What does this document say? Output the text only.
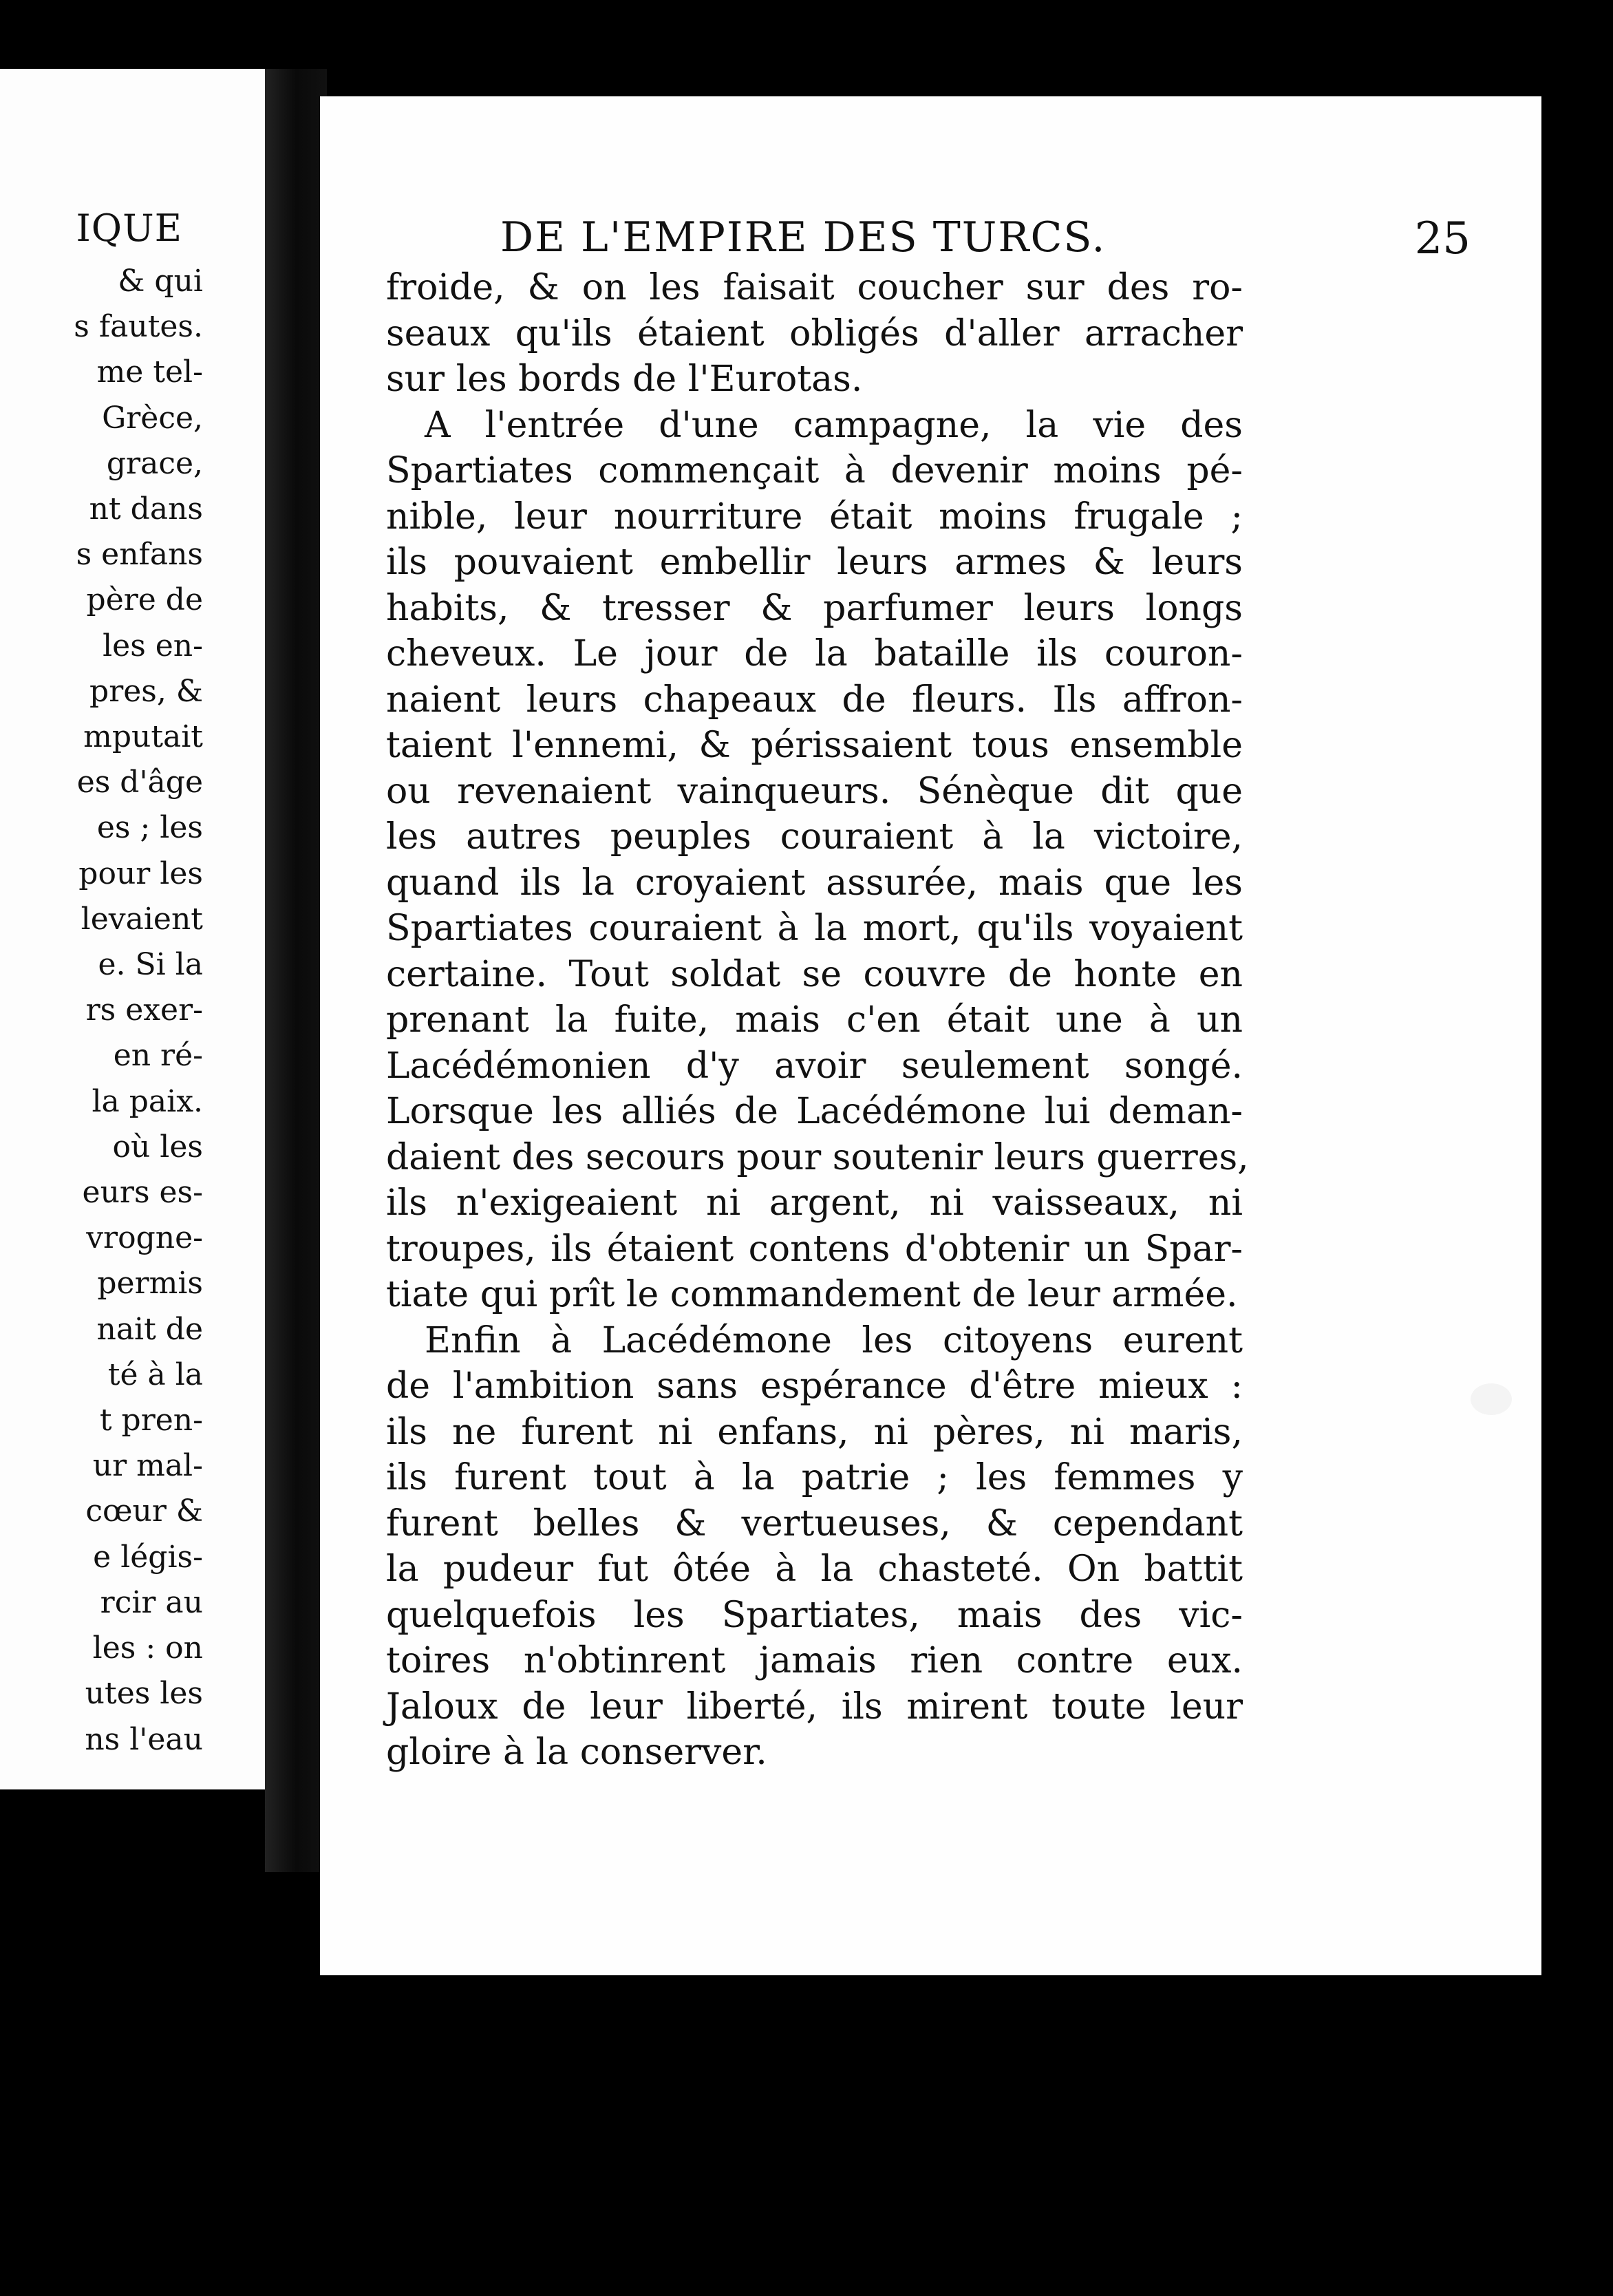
IQUE
& qui
s fautes.
me tel-
Grèce,
grace,
nt dans
s enfans
père de
les en-
pres, &
mputait
es d'âge
es ; les
pour les
levaient
e. Si la
rs exer-
en ré-
la paix.
où les
eurs es-
vrogne-
permis
nait de
té à la
t pren-
ur mal-
cœur &
e légis-
rcir au
les : on
utes les
ns l'eau
DE L'EMPIRE DES TURCS.	25
froide, & on les faisait coucher sur des ro-
seaux qu'ils étaient obligés d'aller arracher
sur les bords de l'Eurotas.
A l'entrée d'une campagne, la vie des
Spartiates commençait à devenir moins pé-
nible, leur nourriture était moins frugale ;
ils pouvaient embellir leurs armes & leurs
habits, & tresser & parfumer leurs longs
cheveux. Le jour de la bataille ils couron-
naient leurs chapeaux de fleurs. Ils affron-
taient l'ennemi, & périssaient tous ensemble
ou revenaient vainqueurs. Sénèque dit que
les autres peuples couraient à la victoire,
quand ils la croyaient assurée, mais que les
Spartiates couraient à la mort, qu'ils voyaient
certaine. Tout soldat se couvre de honte en
prenant la fuite, mais c'en était une à un
Lacédémonien d'y avoir seulement songé.
Lorsque les alliés de Lacédémone lui deman-
daient des secours pour soutenir leurs guerres,
ils n'exigeaient ni argent, ni vaisseaux, ni
troupes, ils étaient contens d'obtenir un Spar-
tiate qui prît le commandement de leur armée.
Enfin à Lacédémone les citoyens eurent
de l'ambition sans espérance d'être mieux :
ils ne furent ni enfans, ni pères, ni maris,
ils furent tout à la patrie ; les femmes y
furent belles & vertueuses, & cependant
la pudeur fut ôtée à la chasteté. On battit
quelquefois les Spartiates, mais des vic-
toires n'obtinrent jamais rien contre eux.
Jaloux de leur liberté, ils mirent toute leur
gloire à la conserver.
